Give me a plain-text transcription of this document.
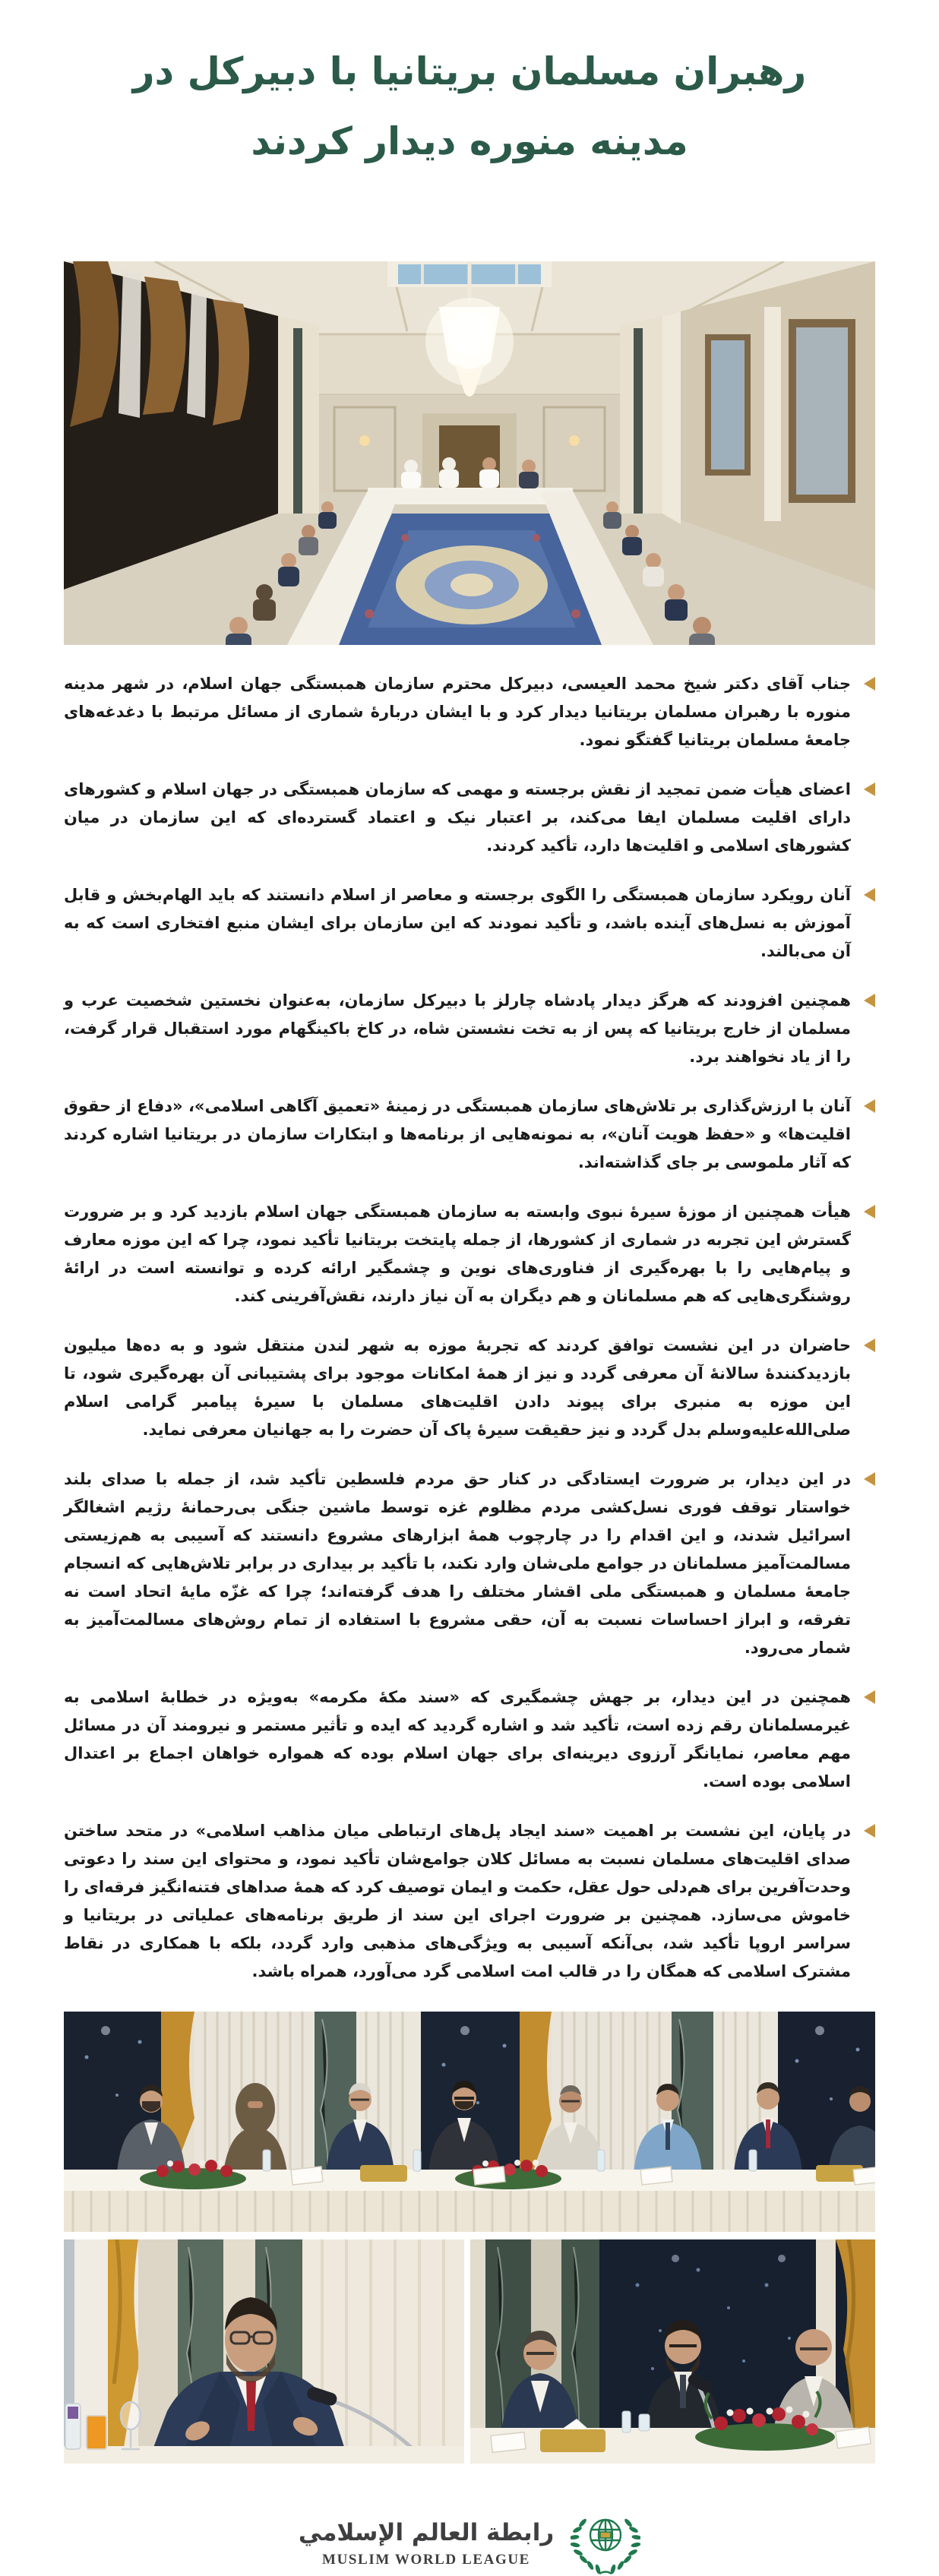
رهبران مسلمان بریتانیا با دبیرکل در
مدینه منوره دیدار کردند

جناب آقای دکتر شیخ محمد العیسی، دبیرکل محترم سازمان همبستگی جهان اسلام، در شهر مدینه منوره با رهبران مسلمان بریتانیا دیدار کرد و با ایشان دربارهٔ شماری از مسائل مرتبط با دغدغه‌های جامعهٔ مسلمان بریتانیا گفتگو نمود.

اعضای هیأت ضمن تمجید از نقش برجسته و مهمی که سازمان همبستگی در جهان اسلام و کشورهای دارای اقلیت مسلمان ایفا می‌کند، بر اعتبار نیک و اعتماد گسترده‌ای که این سازمان در میان کشورهای اسلامی و اقلیت‌ها دارد، تأکید کردند.

آنان رویکرد سازمان همبستگی را الگوی برجسته و معاصر از اسلام دانستند که باید الهام‌بخش و قابل آموزش به نسل‌های آینده باشد، و تأکید نمودند که این سازمان برای ایشان منبع افتخاری است که به آن می‌بالند.

همچنین افزودند که هرگز دیدار پادشاه چارلز با دبیرکل سازمان، به‌عنوان نخستین شخصیت عرب و مسلمان از خارج بریتانیا که پس از به تخت نشستن شاه، در کاخ باکینگهام مورد استقبال قرار گرفت، را از یاد نخواهند برد.

آنان با ارزش‌گذاری بر تلاش‌های سازمان همبستگی در زمینهٔ «تعمیق آگاهی اسلامی»، «دفاع از حقوق اقلیت‌ها» و «حفظ هویت آنان»، به نمونه‌هایی از برنامه‌ها و ابتکارات سازمان در بریتانیا اشاره کردند که آثار ملموسی بر جای گذاشته‌اند.

هیأت همچنین از موزهٔ سیرهٔ نبوی وابسته به سازمان همبستگی جهان اسلام بازدید کرد و بر ضرورت گسترش این تجربه در شماری از کشورها، از جمله پایتخت بریتانیا تأکید نمود، چرا که این موزه معارف و پیام‌هایی را با بهره‌گیری از فناوری‌های نوین و چشمگیر ارائه کرده و توانسته است در ارائهٔ روشنگری‌هایی که هم مسلمانان و هم دیگران به آن نیاز دارند، نقش‌آفرینی کند.

حاضران در این نشست توافق کردند که تجربهٔ موزه به شهر لندن منتقل شود و به ده‌ها میلیون بازدیدکنندهٔ سالانهٔ آن معرفی گردد و نیز از همهٔ امکانات موجود برای پشتیبانی آن بهره‌گیری شود، تا این موزه به منبری برای پیوند دادن اقلیت‌های مسلمان با سیرهٔ پیامبر گرامی اسلام صلی‌الله‌علیه‌وسلم بدل گردد و نیز حقیقت سیرهٔ پاک آن حضرت را به جهانیان معرفی نماید.

در این دیدار، بر ضرورت ایستادگی در کنار حق مردم فلسطین تأکید شد، از جمله با صدای بلند خواستار توقف فوری نسل‌کشی مردم مظلوم غزه توسط ماشین جنگی بی‌رحمانهٔ رژیم اشغالگر اسرائیل شدند، و این اقدام را در چارچوب همهٔ ابزارهای مشروع دانستند که آسیبی به هم‌زیستی مسالمت‌آمیز مسلمانان در جوامع ملی‌شان وارد نکند، با تأکید بر بیداری در برابر تلاش‌هایی که انسجام جامعهٔ مسلمان و همبستگی ملی اقشار مختلف را هدف گرفته‌اند؛ چرا که غزّه مایهٔ اتحاد است نه تفرقه، و ابراز احساسات نسبت به آن، حقی مشروع با استفاده از تمام روش‌های مسالمت‌آمیز به شمار می‌رود.

همچنین در این دیدار، بر جهش چشمگیری که «سند مکهٔ مکرمه» به‌ویژه در خطابهٔ اسلامی به غیرمسلمانان رقم زده است، تأکید شد و اشاره گردید که ایده و تأثیر مستمر و نیرومند آن در مسائل مهم معاصر، نمایانگر آرزوی دیرینه‌ای برای جهان اسلام بوده که همواره خواهان اجماع بر اعتدال اسلامی بوده است.

در پایان، این نشست بر اهمیت «سند ایجاد پل‌های ارتباطی میان مذاهب اسلامی» در متحد ساختن صدای اقلیت‌های مسلمان نسبت به مسائل کلان جوامع‌شان تأکید نمود، و محتوای این سند را دعوتی وحدت‌آفرین برای هم‌دلی حول عقل، حکمت و ایمان توصیف کرد که همهٔ صداهای فتنه‌انگیز فرقه‌ای را خاموش می‌سازد. همچنین بر ضرورت اجرای این سند از طریق برنامه‌های عملیاتی در بریتانیا و سراسر اروپا تأکید شد، بی‌آنکه آسیبی به ویژگی‌های مذهبی وارد گردد، بلکه با همکاری در نقاط مشترک اسلامی که همگان را در قالب امت اسلامی گرد می‌آورد، همراه باشد.

رابطة العالم الإسلامي
MUSLIM WORLD LEAGUE
